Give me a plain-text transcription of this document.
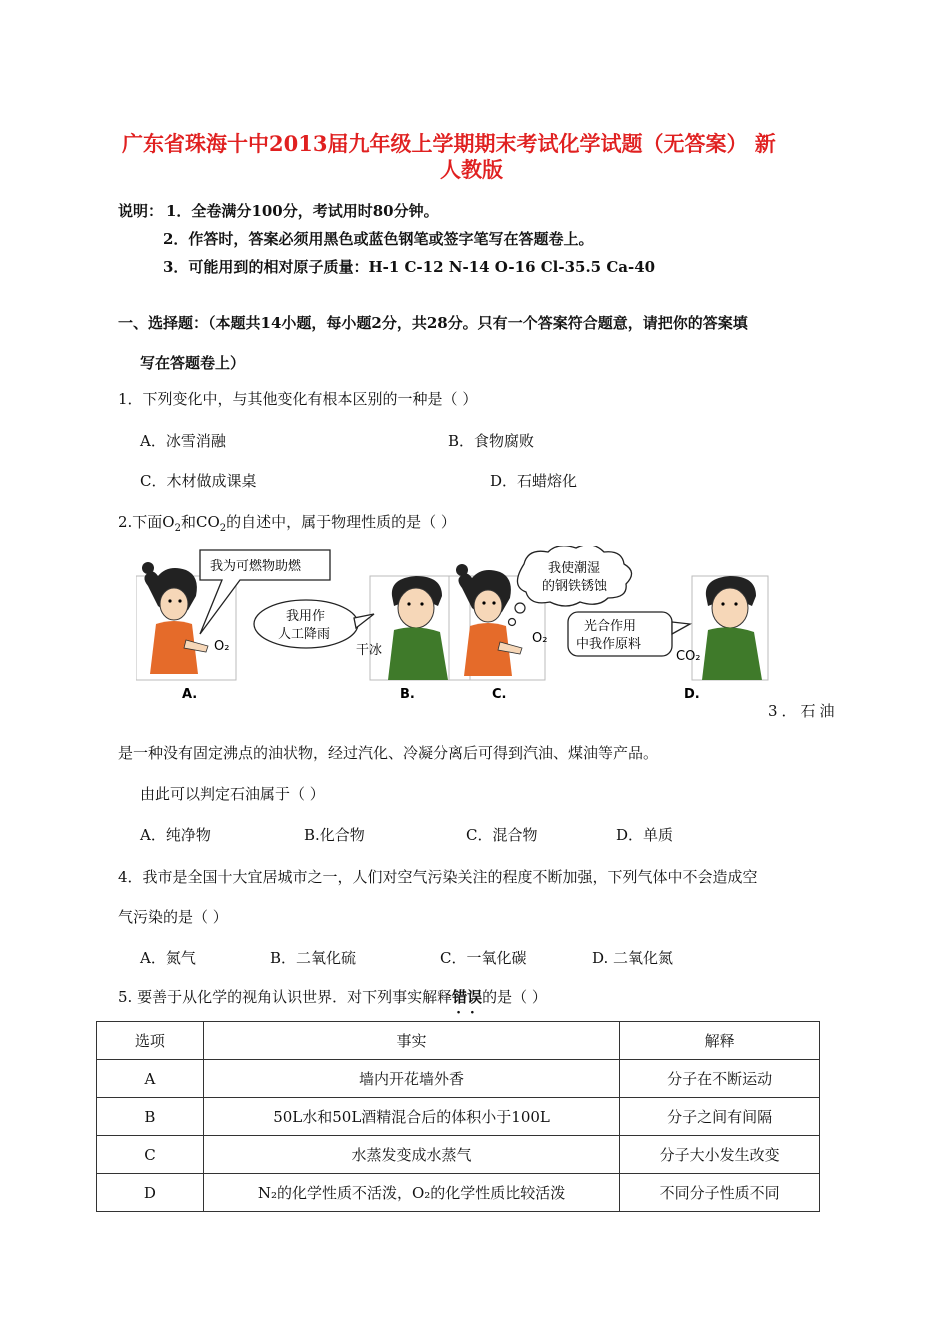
广东省珠海十中2013届九年级上学期期末考试化学试题（无答案） 新
人教版
说明： 1．全卷满分100分，考试用时80分钟。
2．作答时，答案必须用黑色或蓝色钢笔或签字笔写在答题卷上。
3．可能用到的相对原子质量：H-1 C-12 N-14 O-16 Cl-35.5 Ca-40
一、选择题：（本题共14小题，每小题2分，共28分。只有一个答案符合题意，请把你的答案填
写在答题卷上）
1．下列变化中，与其他变化有根本区别的一种是（ ）
A．冰雪消融	B．食物腐败
C．木材做成课桌	D．石蜡熔化
2.下面$O_2$和$CO_2$的自述中，属于物理性质的是（ ）
O₂
我为可燃物助燃
干冰
我用作
人工降雨	O₂
我使潮湿
的钢铁锈蚀
光合作用
中我作原料
CO₂
A.	B.	C.	D.
3．石油
是一种没有固定沸点的油状物，经过汽化、冷凝分离后可得到汽油、煤油等产品。
由此可以判定石油属于（ ）
A．纯净物	B.化合物	C．混合物	D．单质
4．我市是全国十大宜居城市之一，人们对空气污染关注的程度不断加强，下列气体中不会造成空
气污染的是（ ）
A．氮气	B．二氧化硫	C．一氧化碳	D. 二氧化氮
5. 要善于从化学的视角认识世界．对下列事实解释错误 · ·的是（ ）
选项	事实	解释
A	墙内开花墙外香	分子在不断运动
B	50L水和50L酒精混合后的体积小于100L	分子之间有间隔
C	水蒸发变成水蒸气	分子大小发生改变
D	N₂的化学性质不活泼，O₂的化学性质比较活泼	不同分子性质不同
